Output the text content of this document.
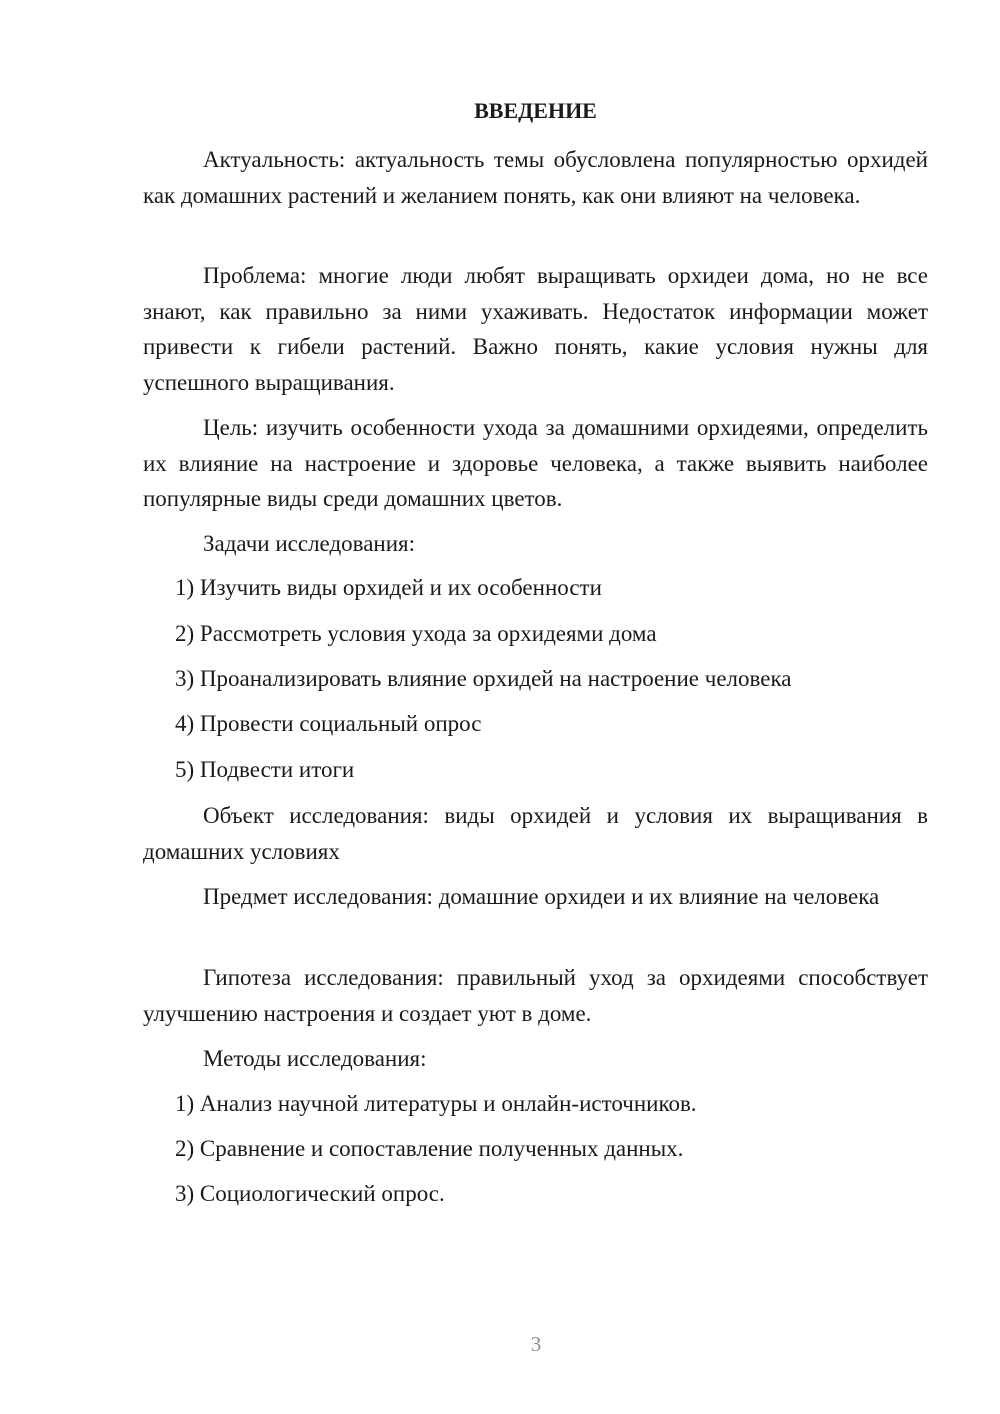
ВВЕДЕНИЕ

Актуальность: актуальность темы обусловлена популярностью орхидей как домашних растений и желанием понять, как они влияют на человека.

Проблема: многие люди любят выращивать орхидеи дома, но не все знают, как правильно за ними ухаживать. Недостаток информации может привести к гибели растений. Важно понять, какие условия нужны для успешного выращивания.

Цель: изучить особенности ухода за домашними орхидеями, определить их влияние на настроение и здоровье человека, а также выявить наиболее популярные виды среди домашних цветов.

Задачи исследования:

1) Изучить виды орхидей и их особенности

2) Рассмотреть условия ухода за орхидеями дома

3) Проанализировать влияние орхидей на настроение человека

4) Провести социальный опрос

5) Подвести итоги

Объект исследования: виды орхидей и условия их выращивания в домашних условиях

Предмет исследования: домашние орхидеи и их влияние на человека

Гипотеза исследования: правильный уход за орхидеями способствует улучшению настроения и создает уют в доме.

Методы исследования:

1) Анализ научной литературы и онлайн-источников.

2) Сравнение и сопоставление полученных данных.

3) Социологический опрос.

3
